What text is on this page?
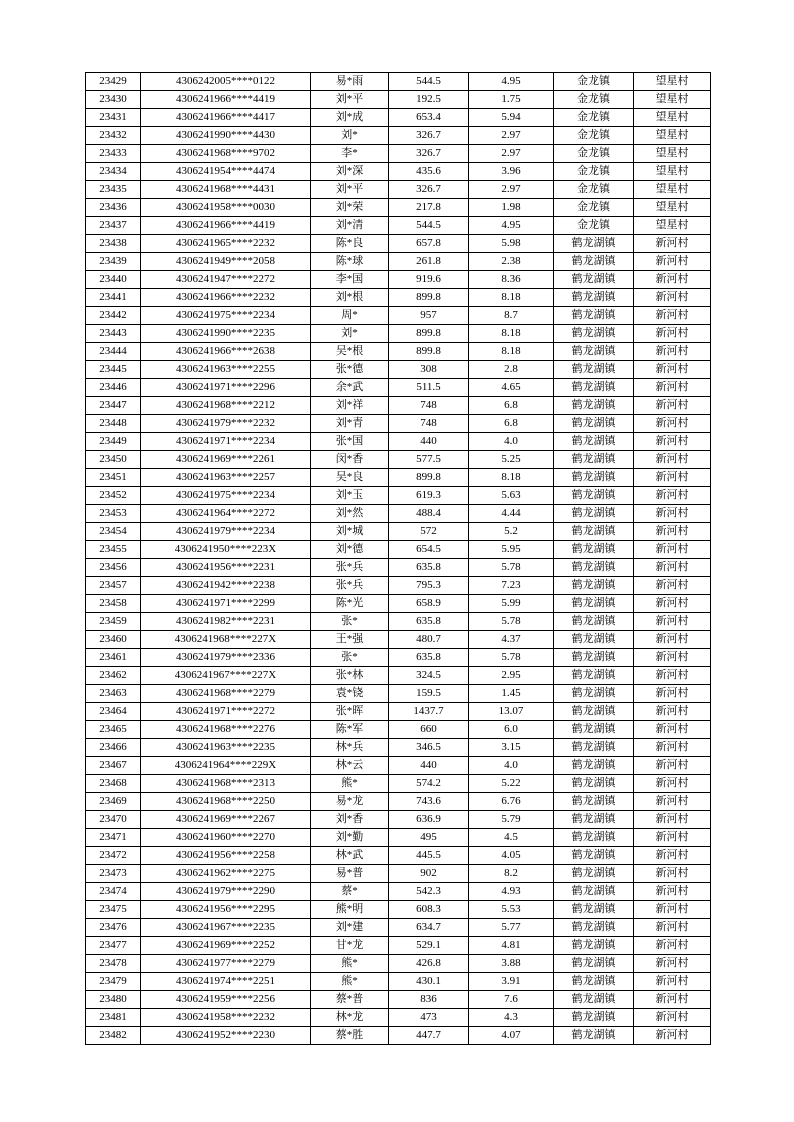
23429	4306242005****0122	易*雨	544.5	4.95	金龙镇	望星村
23430	4306241966****4419	刘*平	192.5	1.75	金龙镇	望星村
23431	4306241966****4417	刘*成	653.4	5.94	金龙镇	望星村
23432	4306241990****4430	刘*	326.7	2.97	金龙镇	望星村
23433	4306241968****9702	李*	326.7	2.97	金龙镇	望星村
23434	4306241954****4474	刘*深	435.6	3.96	金龙镇	望星村
23435	4306241968****4431	刘*平	326.7	2.97	金龙镇	望星村
23436	4306241958****0030	刘*荣	217.8	1.98	金龙镇	望星村
23437	4306241966****4419	刘*清	544.5	4.95	金龙镇	望星村
23438	4306241965****2232	陈*良	657.8	5.98	鹤龙湖镇	新河村
23439	4306241949****2058	陈*球	261.8	2.38	鹤龙湖镇	新河村
23440	4306241947****2272	李*国	919.6	8.36	鹤龙湖镇	新河村
23441	4306241966****2232	刘*根	899.8	8.18	鹤龙湖镇	新河村
23442	4306241975****2234	周*	957	8.7	鹤龙湖镇	新河村
23443	4306241990****2235	刘*	899.8	8.18	鹤龙湖镇	新河村
23444	4306241966****2638	吴*根	899.8	8.18	鹤龙湖镇	新河村
23445	4306241963****2255	张*德	308	2.8	鹤龙湖镇	新河村
23446	4306241971****2296	余*武	511.5	4.65	鹤龙湖镇	新河村
23447	4306241968****2212	刘*祥	748	6.8	鹤龙湖镇	新河村
23448	4306241979****2232	刘*青	748	6.8	鹤龙湖镇	新河村
23449	4306241971****2234	张*国	440	4.0	鹤龙湖镇	新河村
23450	4306241969****2261	闵*香	577.5	5.25	鹤龙湖镇	新河村
23451	4306241963****2257	吴*良	899.8	8.18	鹤龙湖镇	新河村
23452	4306241975****2234	刘*玉	619.3	5.63	鹤龙湖镇	新河村
23453	4306241964****2272	刘*然	488.4	4.44	鹤龙湖镇	新河村
23454	4306241979****2234	刘*城	572	5.2	鹤龙湖镇	新河村
23455	4306241950****223X	刘*德	654.5	5.95	鹤龙湖镇	新河村
23456	4306241956****2231	张*兵	635.8	5.78	鹤龙湖镇	新河村
23457	4306241942****2238	张*兵	795.3	7.23	鹤龙湖镇	新河村
23458	4306241971****2299	陈*光	658.9	5.99	鹤龙湖镇	新河村
23459	4306241982****2231	张*	635.8	5.78	鹤龙湖镇	新河村
23460	4306241968****227X	王*强	480.7	4.37	鹤龙湖镇	新河村
23461	4306241979****2336	张*	635.8	5.78	鹤龙湖镇	新河村
23462	4306241967****227X	张*林	324.5	2.95	鹤龙湖镇	新河村
23463	4306241968****2279	袁*铙	159.5	1.45	鹤龙湖镇	新河村
23464	4306241971****2272	张*晖	1437.7	13.07	鹤龙湖镇	新河村
23465	4306241968****2276	陈*军	660	6.0	鹤龙湖镇	新河村
23466	4306241963****2235	林*兵	346.5	3.15	鹤龙湖镇	新河村
23467	4306241964****229X	林*云	440	4.0	鹤龙湖镇	新河村
23468	4306241968****2313	熊*	574.2	5.22	鹤龙湖镇	新河村
23469	4306241968****2250	易*龙	743.6	6.76	鹤龙湖镇	新河村
23470	4306241969****2267	刘*香	636.9	5.79	鹤龙湖镇	新河村
23471	4306241960****2270	刘*勤	495	4.5	鹤龙湖镇	新河村
23472	4306241956****2258	林*武	445.5	4.05	鹤龙湖镇	新河村
23473	4306241962****2275	易*普	902	8.2	鹤龙湖镇	新河村
23474	4306241979****2290	蔡*	542.3	4.93	鹤龙湖镇	新河村
23475	4306241956****2295	熊*明	608.3	5.53	鹤龙湖镇	新河村
23476	4306241967****2235	刘*建	634.7	5.77	鹤龙湖镇	新河村
23477	4306241969****2252	甘*龙	529.1	4.81	鹤龙湖镇	新河村
23478	4306241977****2279	熊*	426.8	3.88	鹤龙湖镇	新河村
23479	4306241974****2251	熊*	430.1	3.91	鹤龙湖镇	新河村
23480	4306241959****2256	蔡*普	836	7.6	鹤龙湖镇	新河村
23481	4306241958****2232	林*龙	473	4.3	鹤龙湖镇	新河村
23482	4306241952****2230	蔡*胜	447.7	4.07	鹤龙湖镇	新河村
